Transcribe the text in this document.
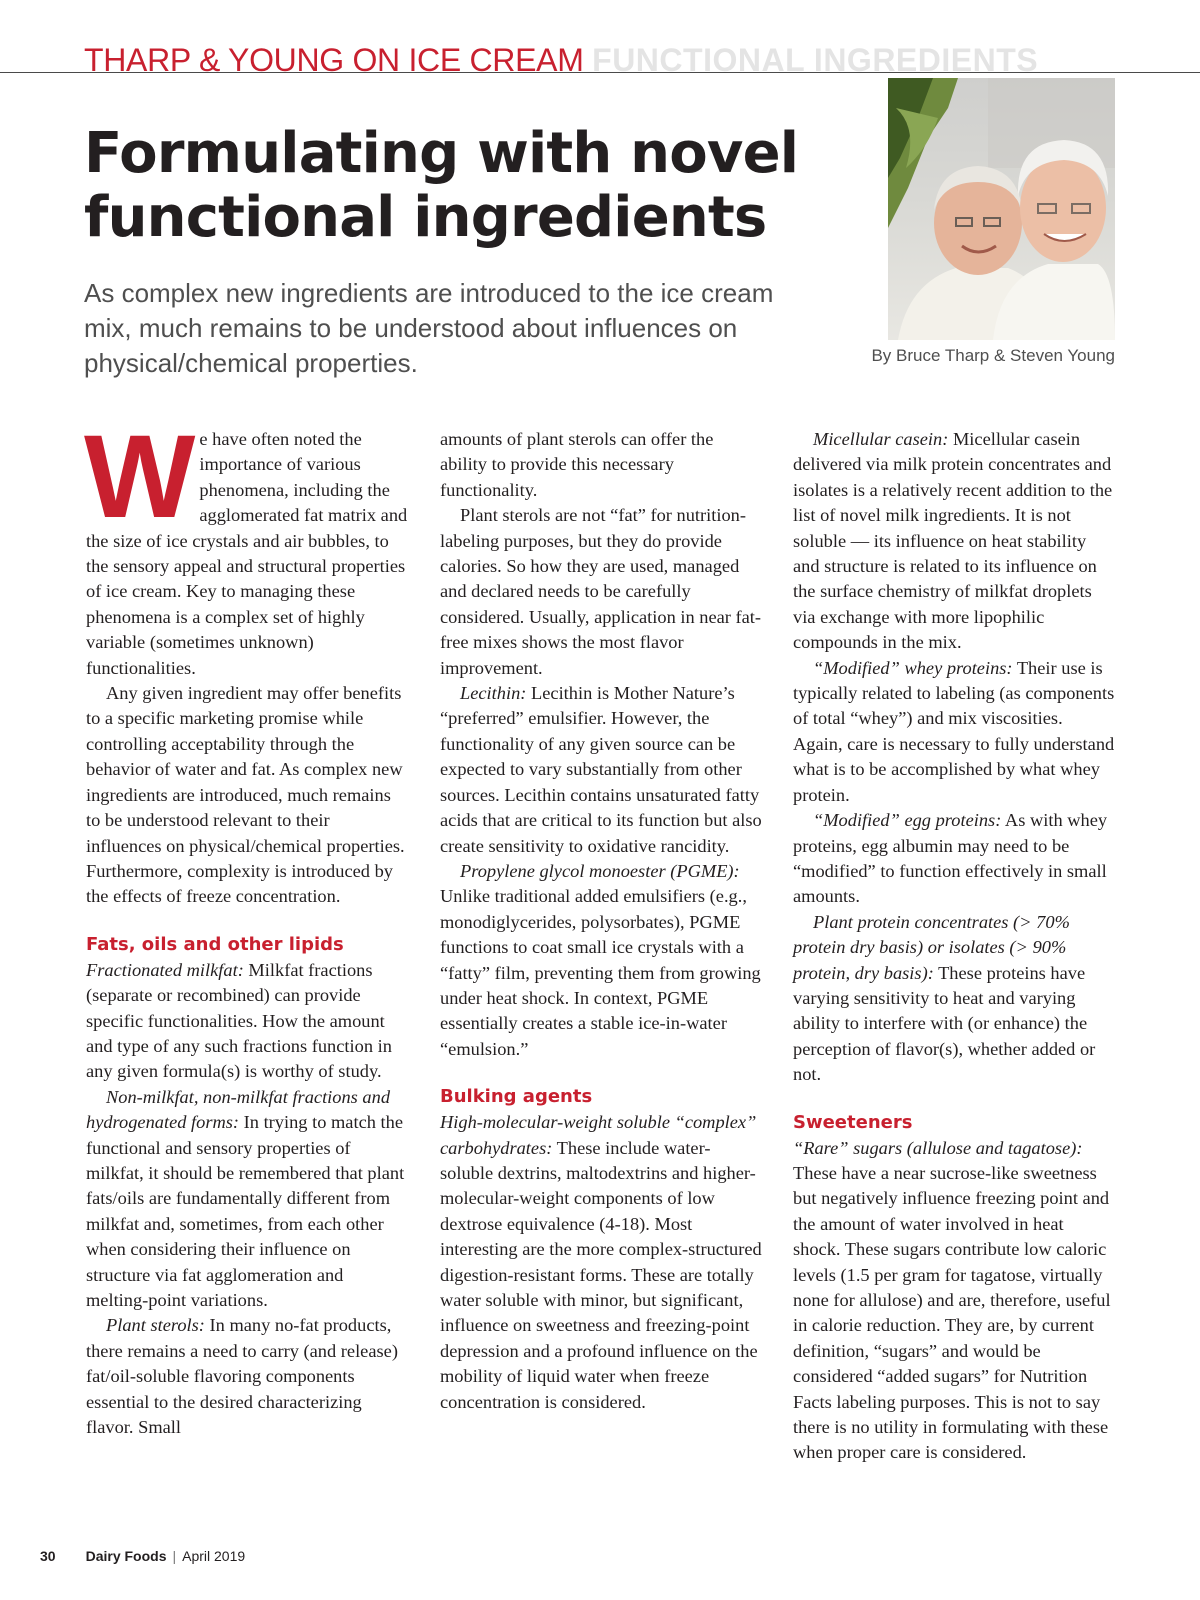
THARP & YOUNG ON ICE CREAM FUNCTIONAL INGREDIENTS
Formulating with novel functional ingredients
As complex new ingredients are introduced to the ice cream mix, much remains to be understood about influences on physical/chemical properties.	By Bruce Tharp & Steven Young

We have often noted the importance of various phenomena, including the agglomerated fat matrix and the size of ice crystals and air bubbles, to the sensory appeal and structural properties of ice cream. Key to managing these phenomena is a complex set of highly variable (sometimes unknown) functionalities.

Any given ingredient may offer benefits to a specific marketing promise while controlling acceptability through the behavior of water and fat. As complex new ingredients are introduced, much remains to be understood relevant to their influences on physical/chemical properties. Furthermore, complexity is introduced by the effects of freeze concentration.

Fats, oils and other lipids

Fractionated milkfat: Milkfat fractions (separate or recombined) can provide specific functionalities. How the amount and type of any such fractions function in any given formula(s) is worthy of study.

Non-milkfat, non-milkfat fractions and hydrogenated forms: In trying to match the functional and sensory properties of milkfat, it should be remembered that plant fats/oils are fundamentally different from milkfat and, sometimes, from each other when considering their influence on structure via fat agglomeration and melting-point variations.

Plant sterols: In many no-fat products, there remains a need to carry (and release) fat/oil-soluble flavoring components essential to the desired characterizing flavor. Small

amounts of plant sterols can offer the ability to provide this necessary functionality.

Plant sterols are not “fat” for nutrition-labeling purposes, but they do provide calories. So how they are used, managed and declared needs to be carefully considered. Usually, application in near fat-free mixes shows the most flavor improvement.

Lecithin: Lecithin is Mother Nature’s “preferred” emulsifier. However, the functionality of any given source can be expected to vary substantially from other sources. Lecithin contains unsaturated fatty acids that are critical to its function but also create sensitivity to oxidative rancidity.

Propylene glycol monoester (PGME): Unlike traditional added emulsifiers (e.g., monodiglycerides, polysorbates), PGME functions to coat small ice crystals with a “fatty” film, preventing them from growing under heat shock. In context, PGME essentially creates a stable ice-in-water “emulsion.”

Bulking agents

High-molecular-weight soluble “complex” carbohydrates: These include water-soluble dextrins, maltodextrins and higher-molecular-weight components of low dextrose equivalence (4-18). Most interesting are the more complex-structured digestion-resistant forms. These are totally water soluble with minor, but significant, influence on sweetness and freezing-point depression and a profound influence on the mobility of liquid water when freeze concentration is considered.

Micellular casein: Micellular casein delivered via milk protein concentrates and isolates is a relatively recent addition to the list of novel milk ingredients. It is not soluble — its influence on heat stability and structure is related to its influence on the surface chemistry of milkfat droplets via exchange with more lipophilic compounds in the mix.

“Modified” whey proteins: Their use is typically related to labeling (as components of total “whey”) and mix viscosities. Again, care is necessary to fully understand what is to be accomplished by what whey protein.

“Modified” egg proteins: As with whey proteins, egg albumin may need to be “modified” to function effectively in small amounts.

Plant protein concentrates (> 70% protein dry basis) or isolates (> 90% protein, dry basis): These proteins have varying sensitivity to heat and varying ability to interfere with (or enhance) the perception of flavor(s), whether added or not.

Sweeteners

“Rare” sugars (allulose and tagatose): These have a near sucrose-like sweetness but negatively influence freezing point and the amount of water involved in heat shock. These sugars contribute low caloric levels (1.5 per gram for tagatose, virtually none for allulose) and are, therefore, useful in calorie reduction. They are, by current definition, “sugars” and would be considered “added sugars” for Nutrition Facts labeling purposes. This is not to say there is no utility in formulating with these when proper care is considered.

30 Dairy Foods | April 2019
